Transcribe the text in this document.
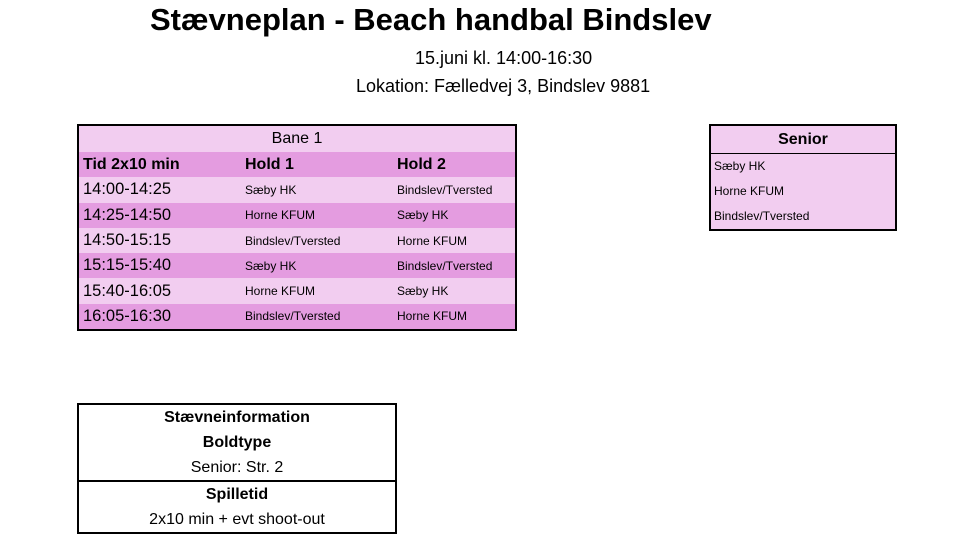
Stævneplan - Beach handbal Bindslev
15.juni kl. 14:00-16:30
Lokation: Fælledvej 3, Bindslev 9881
Bane 1
Tid 2x10 min	Hold 1	Hold 2
14:00-14:25	Sæby HK	Bindslev/Tversted
14:25-14:50	Horne KFUM	Sæby HK
14:50-15:15	Bindslev/Tversted	Horne KFUM
15:15-15:40	Sæby HK	Bindslev/Tversted
15:40-16:05	Horne KFUM	Sæby HK
16:05-16:30	Bindslev/Tversted	Horne KFUM
Senior
Sæby HK
Horne KFUM
Bindslev/Tversted
Stævneinformation
Boldtype
Senior: Str. 2
Spilletid
2x10 min + evt shoot-out
